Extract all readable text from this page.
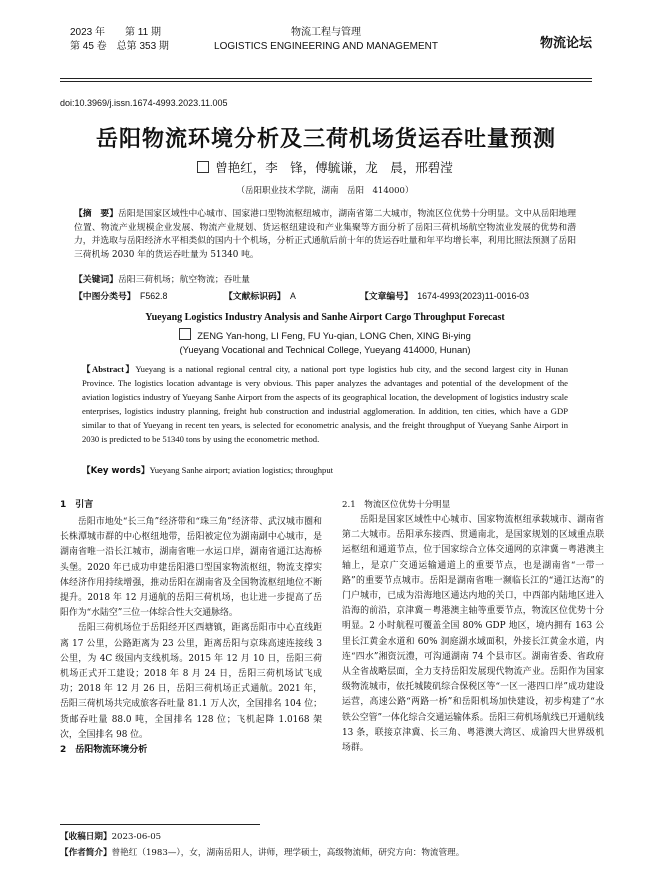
2023 年　　第 11 期
第 45 卷　总第 353 期
物流工程与管理
LOGISTICS ENGINEERING AND MANAGEMENT	物流论坛
doi:10.3969/j.issn.1674-4993.2023.11.005
岳阳物流环境分析及三荷机场货运吞吐量预测
曾艳红，李　锋，傅毓谦，龙　晨，邢碧滢
（岳阳职业技术学院，湖南　岳阳　414000）
【摘　要】岳阳是国家区域性中心城市、国家港口型物流枢纽城市，湖南省第二大城市，物流区位优势十分明显。文中从岳阳地理位置、物流产业规模企业发展、物流产业规划、货运枢纽建设和产业集聚等方面分析了岳阳三荷机场航空物流业发展的优势和潜力，并选取与岳阳经济水平相类似的国内十个机场，分析正式通航后前十年的货运吞吐量和年平均增长率，利用比照法预测了岳阳三荷机场 2030 年的货运吞吐量为 51340 吨。
【关键词】岳阳三荷机场；航空物流；吞吐量
【中图分类号】　 F562.8	【文献标识码】　 A	【文章编号】　 1674-4993(2023)11-0016-03
Yueyang Logistics Industry Analysis and Sanhe Airport Cargo Throughput Forecast
ZENG Yan-hong, LI Feng, FU Yu-qian, LONG Chen, XING Bi-ying
(Yueyang Vocational and Technical College, Yueyang 414000, Hunan)
【Abstract】Yueyang is a national regional central city, a national port type logistics hub city, and the second largest city in Hunan Province. The logistics location advantage is very obvious. This paper analyzes the advantages and potential of the development of the aviation logistics industry of Yueyang Sanhe Airport from the aspects of its geographical location, the development of logistics industry scale enterprises, logistics industry planning, freight hub construction and industrial agglomeration. In addition, ten cities, which have a GDP similar to that of Yueyang in recent ten years, is selected for econometric analysis, and the freight throughput of Yueyang Sanhe Airport in 2030 is predicted to be 51340 tons by using the econometric method.
【Key words】Yueyang Sanhe airport; aviation logistics; throughput
1　引言

岳阳市地处“长三角”经济带和“珠三角”经济带、武汉城市圈和长株潭城市群的中心枢纽地带，岳阳被定位为湖南副中心城市，是湖南省唯一沿长江城市，湖南省唯一水运口岸，湖南省通江达海桥头堡。2020 年已成功申建岳阳港口型国家物流枢纽，物流支撑实体经济作用持续增强，推动岳阳在湖南省及全国物流枢纽地位不断提升。2018 年 12 月通航的岳阳三荷机场，也让进一步提高了岳阳作为“水陆空”三位一体综合性大交通脉络。

岳阳三荷机场位于岳阳经开区西塘镇，距离岳阳市中心直线距离 17 公里，公路距离为 23 公里，距离岳阳与京珠高速连接线 3 公里，为 4C 级国内支线机场。2015 年 12 月 10 日，岳阳三荷机场正式开工建设；2018 年 8 月 24 日，岳阳三荷机场试飞成功；2018 年 12 月 26 日，岳阳三荷机场正式通航。2021 年，岳阳三荷机场共完成旅客吞吐量 81.1 万人次，全国排名 104 位；货邮吞吐量 88.0 吨，全国排名 128 位；飞机起降 1.0168 架次，全国排名 98 位。

2　岳阳物流环境分析
2.1　物流区位优势十分明显

岳阳是国家区域性中心城市、国家物流枢纽承载城市、湖南省第二大城市。岳阳承东接西、贯通南北，是国家规划的区域重点联运枢纽和通道节点，位于国家综合立体交通网的京津冀－粤港澳主轴上，是京广交通运输通道上的重要节点，也是湖南省“一带一路”的重要节点城市。岳阳是湖南省唯一濒临长江的“通江达海”的门户城市，已成为沿海地区通达内地的关口，中西部内陆地区进入沿海的前沿，京津冀－粤港澳主轴等重要节点，物流区位优势十分明显。2 小时航程可覆盖全国 80% GDP 地区，境内拥有 163 公里长江黄金水道和 60% 洞庭湖水域面积，外接长江黄金水道，内连“四水”湘资沅澧，可沟通湖南 74 个县市区。湖南省委、省政府从全省战略层面，全力支持岳阳发展现代物流产业。岳阳作为国家级物流城市，依托城陵矶综合保税区等“一区一港四口岸”成功建设运营，高速公路“两路一桥”和岳阳机场加快建设，初步构建了“水铁公空管”一体化综合交通运输体系。岳阳三荷机场航线已开通航线 13 条，联接京津冀、长三角、粤港澳大湾区、成渝四大世界级机场群。

【收稿日期】2023-06-05
【作者简介】曾艳红（1983—），女，湖南岳阳人，讲师，理学硕士，高级物流师，研究方向：物流管理。
